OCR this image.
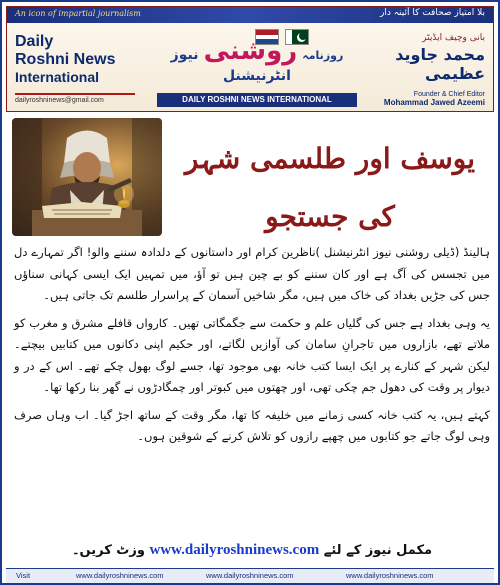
An icon of impartial journalism	بلا امتیاز صحافت کا آئینہ دار
Daily
Roshni News
International
dailyroshninews@gmail.com
روزنامہ روشنی نیوز انٹرنیشنل
DAILY ROSHNI NEWS INTERNATIONAL
بانی وچیف ایڈیٹر
محمد جاوید عظیمی
Founder & Chief Editor
Mohammad Jawed Azeemi
یوسف اور طلسمی شہر کی جستجو

ہالینڈ (ڈیلی روشنی نیوز انٹرنیشنل )ناظرین کرام اور داستانوں کے دلدادہ سننے والو! اگر تمہارے دل میں تجسس کی آگ ہے اور کان سننے کو بے چین ہیں تو آؤ، میں تمہیں ایک ایسی کہانی سناؤں جس کی جڑیں بغداد کی خاک میں ہیں، مگر شاخیں آسمان کے پراسرار طلسم تک جاتی ہیں۔

یہ وہی بغداد ہے جس کی گلیاں علم و حکمت سے جگمگاتی تھیں۔ کارواں قافلے مشرق و مغرب کو ملاتے تھے، بازاروں میں تاجرانِ سامان کی آوازیں لگاتے، اور حکیم اپنی دکانوں میں کتابیں بیچتے۔ لیکن شہر کے کنارے پر ایک ایسا کتب خانہ بھی موجود تھا، جسے لوگ بھول چکے تھے۔ اس کے در و دیوار پر وقت کی دھول جم چکی تھی، اور چھتوں میں کبوتر اور چمگادڑوں نے گھر بنا رکھا تھا۔

کہتے ہیں، یہ کتب خانہ کسی زمانے میں خلیفہ کا تھا، مگر وقت کے ساتھ اجڑ گیا۔ اب وہاں صرف وہی لوگ جاتے جو کتابوں میں چھپے رازوں کو تلاش کرنے کے شوقین ہوں۔

مکمل نیوز کے لئے www.dailyroshninews.com وزٹ کریں۔
Visit	www.dailyroshninews.com	www.dailyroshninews.com	www.dailyroshninews.com
